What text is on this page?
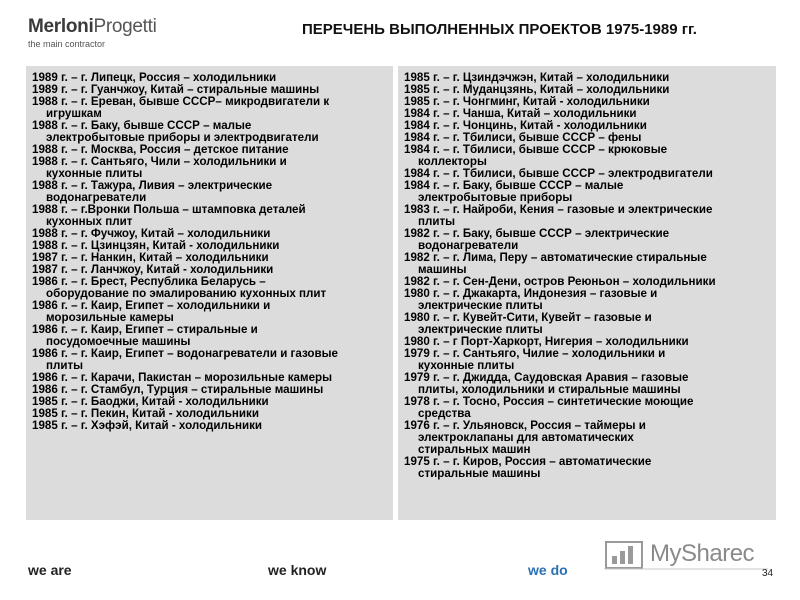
MerloniProgetti
the main contractor
ПЕРЕЧЕНЬ ВЫПОЛНЕННЫХ ПРОЕКТОВ 1975-1989 гг.
1989 г. – г. Липецк, Россия – холодильники
1989 г. – г. Гуанчжоу, Китай – стиральные машины
1988 г. – г. Ереван, бывше СССР– микродвигатели к
игрушкам
1988 г. – г. Баку, бывше СССР – малые
электробытовые приборы и электродвигатели
1988 г. – г. Москва, Россия – детское питание
1988 г. – г. Сантьяго, Чили – холодильники и
кухонные плиты
1988 г. – г. Тажура, Ливия – электрические
водонагреватели
1988 г. – г.Вронки Польша – штамповка деталей
кухонных плит
1988 г. – г. Фучжоу, Китай – холодильники
1988 г. – г. Цзинцзян, Китай - холодильники
1987 г. – г. Нанкин, Китай – холодильники
1987 г. – г. Ланчжоу, Китай - холодильники
1986 г. – г. Брест, Республика Беларусь –
оборудование по эмалированию кухонных плит
1986 г. – г. Каир, Египет – холодильники и
морозильные камеры
1986 г. – г. Каир, Египет – стиральные и
посудомоечные машины
1986 г. – г. Каир, Египет – водонагреватели и газовые
плиты
1986 г. – г. Карачи, Пакистан – морозильные камеры
1986 г. – г. Стамбул, Турция – стиральные машины
1985 г. – г. Баоджи, Китай - холодильники
1985 г. – г. Пекин, Китай - холодильники
1985 г. – г. Хэфэй, Китай - холодильники
1985 г. – г. Цзиндэчжэн, Китай – холодильники
1985 г. – г. Муданцзянь, Китай – холодильники
1985 г. – г. Чонгминг, Китай - холодильники
1984 г. – г. Чанша, Китай – холодильники
1984 г. – г. Чонцинь, Китай - холодильники
1984 г. – г. Тбилиси, бывше СССР – фены
1984 г. – г. Тбилиси, бывше СССР – крюковые
коллекторы
1984 г. – г. Тбилиси, бывше СССР – электродвигатели
1984 г. – г. Баку, бывше СССР – малые
электробытовые приборы
1983 г. – г. Найроби, Кения – газовые и электрические
плиты
1982 г. – г. Баку, бывше СССР – электрические
водонагреватели
1982 г. – г. Лима, Перу – автоматические стиральные
машины
1982 г. – г. Сен-Дени, остров Реюньон – холодильники
1980 г. – г. Джакарта, Индонезия – газовые и
электрические плиты
1980 г. – г. Кувейт-Сити, Кувейт – газовые и
электрические плиты
1980 г. – г Порт-Харкорт, Нигерия – холодильники
1979 г. – г. Сантьяго, Чилие – холодильники и
кухонные плиты
1979 г. – г. Джидда, Саудовская Аравия – газовые
плиты, холодильники и стиральные машины
1978 г. – г. Тосно, Россия – синтетические моющие
средства
1976 г. – г. Ульяновск, Россия – таймеры и
электроклапаны для автоматических
стиральных машин
1975 г. – г. Киров, Россия – автоматические
стиральные машины
MySharec
we are	we know	we do	34
